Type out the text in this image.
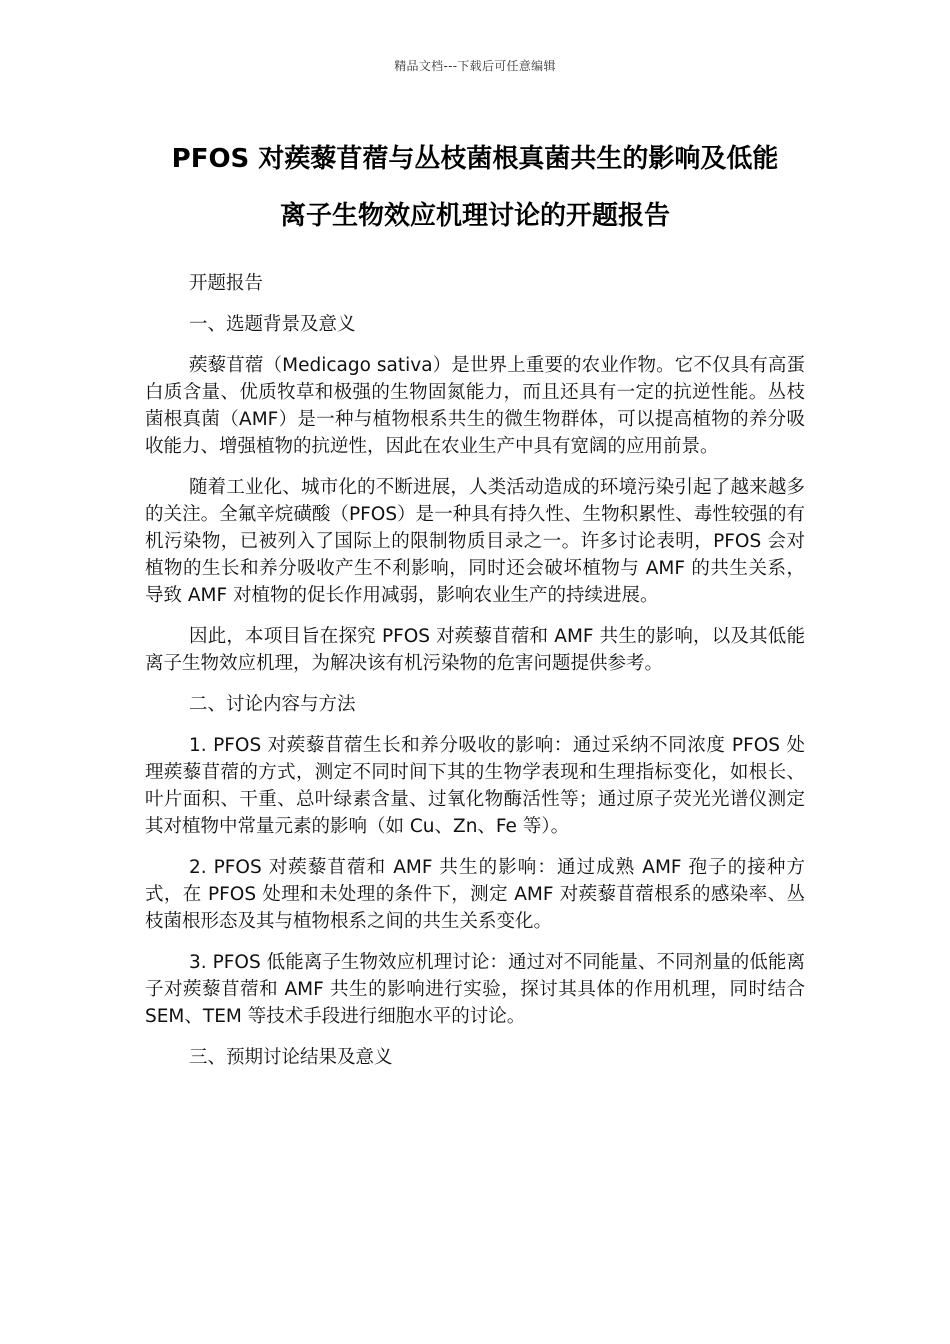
精品文档---下载后可任意编辑
PFOS 对蒺藜苜蓿与丛枝菌根真菌共生的影响及低能
离子生物效应机理讨论的开题报告

开题报告

一、选题背景及意义

蒺藜苜蓿（Medicago sativa）是世界上重要的农业作物。它不仅具有高蛋白质含量、优质牧草和极强的生物固氮能力，而且还具有一定的抗逆性能。丛枝菌根真菌（AMF）是一种与植物根系共生的微生物群体，可以提高植物的养分吸收能力、增强植物的抗逆性，因此在农业生产中具有宽阔的应用前景。

随着工业化、城市化的不断进展，人类活动造成的环境污染引起了越来越多的关注。全氟辛烷磺酸（PFOS）是一种具有持久性、生物积累性、毒性较强的有机污染物，已被列入了国际上的限制物质目录之一。许多讨论表明，PFOS 会对植物的生长和养分吸收产生不利影响，同时还会破坏植物与 AMF 的共生关系，导致 AMF 对植物的促长作用减弱，影响农业生产的持续进展。

因此，本项目旨在探究 PFOS 对蒺藜苜蓿和 AMF 共生的影响，以及其低能离子生物效应机理，为解决该有机污染物的危害问题提供参考。

二、讨论内容与方法

1. PFOS 对蒺藜苜蓿生长和养分吸收的影响：通过采纳不同浓度 PFOS 处理蒺藜苜蓿的方式，测定不同时间下其的生物学表现和生理指标变化，如根长、叶片面积、干重、总叶绿素含量、过氧化物酶活性等；通过原子荧光光谱仪测定其对植物中常量元素的影响（如 Cu、Zn、Fe 等）。

2. PFOS 对蒺藜苜蓿和 AMF 共生的影响：通过成熟 AMF 孢子的接种方式，在 PFOS 处理和未处理的条件下，测定 AMF 对蒺藜苜蓿根系的感染率、丛枝菌根形态及其与植物根系之间的共生关系变化。

3. PFOS 低能离子生物效应机理讨论：通过对不同能量、不同剂量的低能离子对蒺藜苜蓿和 AMF 共生的影响进行实验，探讨其具体的作用机理，同时结合 SEM、TEM 等技术手段进行细胞水平的讨论。

三、预期讨论结果及意义
